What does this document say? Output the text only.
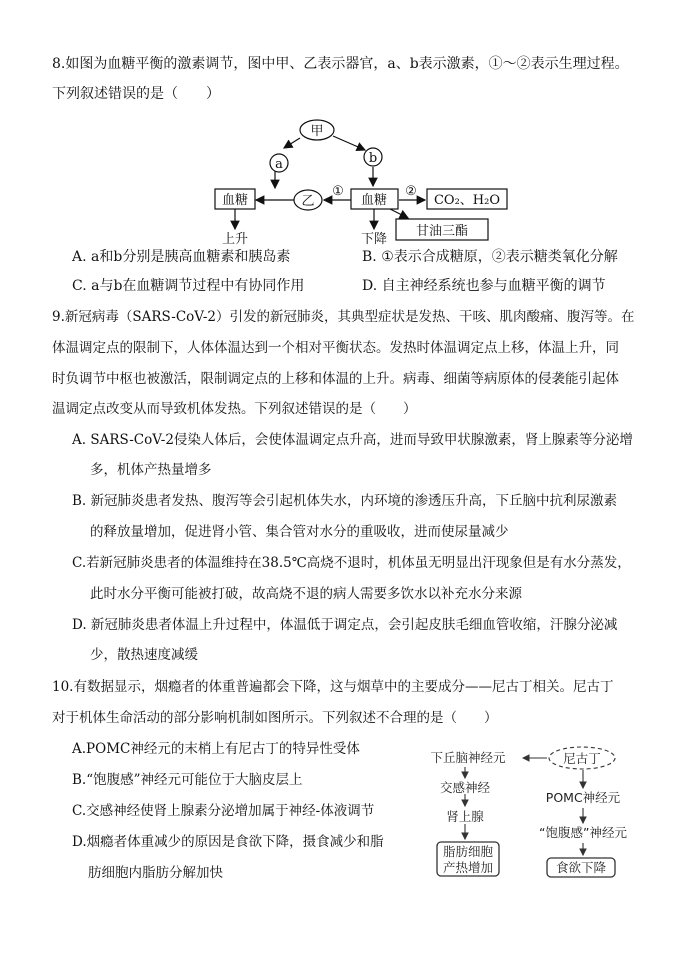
8.如图为血糖平衡的激素调节，图中甲、乙表示器官，a、b表示激素，①～②表示生理过程。
下列叙述错误的是（　　）
甲
a	b
乙
血糖	血糖
①	②
CO₂、H₂O
甘油三酯
上升	下降
A. a和b分别是胰高血糖素和胰岛素	B. ①表示合成糖原，②表示糖类氧化分解
C. a与b在血糖调节过程中有协同作用	D. 自主神经系统也参与血糖平衡的调节
9.新冠病毒（SARS-CoV-2）引发的新冠肺炎，其典型症状是发热、干咳、肌肉酸痛、腹泻等。在
体温调定点的限制下，人体体温达到一个相对平衡状态。发热时体温调定点上移，体温上升，同
时负调节中枢也被激活，限制调定点的上移和体温的上升。病毒、细菌等病原体的侵袭能引起体
温调定点改变从而导致机体发热。下列叙述错误的是（　　）
A. SARS-CoV-2侵染人体后，会使体温调定点升高，进而导致甲状腺激素，肾上腺素等分泌增
多，机体产热量增多
B. 新冠肺炎患者发热、腹泻等会引起机体失水，内环境的渗透压升高，下丘脑中抗利尿激素
的释放量增加，促进肾小管、集合管对水分的重吸收，进而使尿量减少
C.若新冠肺炎患者的体温维持在38.5℃高烧不退时，机体虽无明显出汗现象但是有水分蒸发，
此时水分平衡可能被打破，故高烧不退的病人需要多饮水以补充水分来源
D. 新冠肺炎患者体温上升过程中，体温低于调定点，会引起皮肤毛细血管收缩，汗腺分泌减
少，散热速度减缓
10.有数据显示，烟瘾者的体重普遍都会下降，这与烟草中的主要成分——尼古丁相关。尼古丁
对于机体生命活动的部分影响机制如图所示。下列叙述不合理的是（　　）
A.POMC神经元的末梢上有尼古丁的特异性受体
B.“饱腹感”神经元可能位于大脑皮层上
C.交感神经使肾上腺素分泌增加属于神经-体液调节
D.烟瘾者体重减少的原因是食欲下降，摄食减少和脂
肪细胞内脂肪分解加快
下丘脑神经元	尼古丁
交感神经
肾上腺
脂肪细胞
产热增加
POMC神经元
“饱腹感”神经元
食欲下降
